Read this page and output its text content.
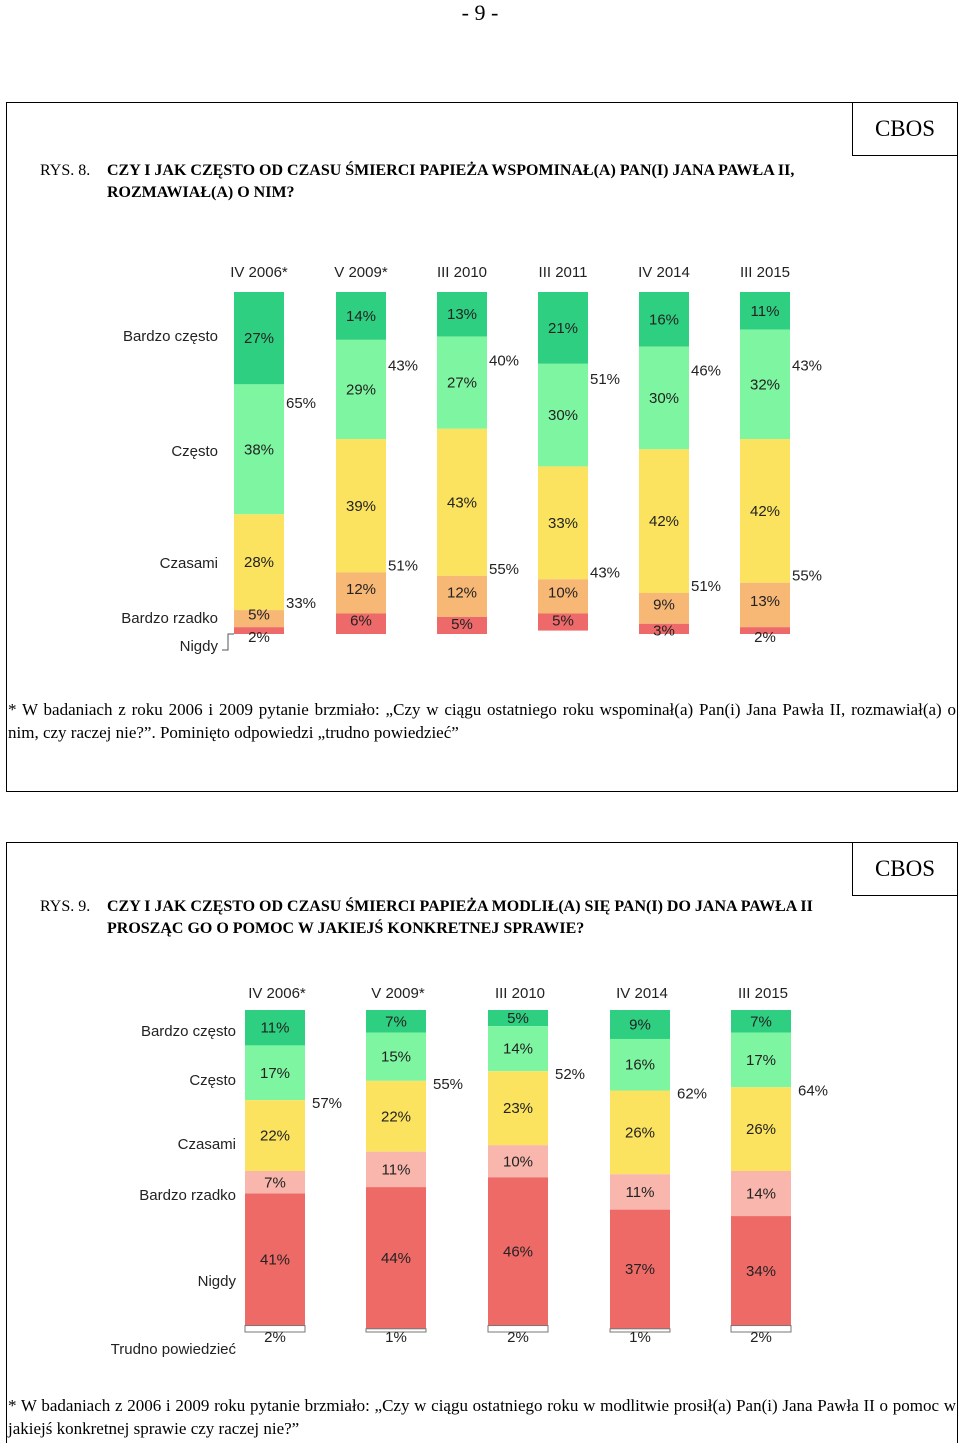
- 9 -
CBOS
RYS. 8. CZY I JAK CZĘSTO OD CZASU ŚMIERCI PAPIEŻA WSPOMINAŁ(A) PAN(I) JANA PAWŁA II, ROZMAWIAŁ(A) O NIM?
IV 2006*	V 2009*	III 2010	III 2011	IV 2014	III 2015
Bardzo często
Często
Czasami
Bardzo rzadko
Nigdy
27%
38%
28%
5%
2%
65%
33%
14%
29%
39%
12%
6%
43%
51%
13%
27%
43%
12%
5%
40%
55%
21%
30%
33%
10%
5%
51%
43%
16%
30%
42%
9%
3%
46%
51%
11%
32%
42%
13%
2%
43%
55%
* W badaniach z roku 2006 i 2009 pytanie brzmiało: „Czy w ciągu ostatniego roku wspominał(a) Pan(i) Jana Pawła II, rozmawiał(a) o nim, czy raczej nie?”. Pominięto odpowiedzi „trudno powiedzieć”
CBOS
RYS. 9. CZY I JAK CZĘSTO OD CZASU ŚMIERCI PAPIEŻA MODLIŁ(A) SIĘ PAN(I) DO JANA PAWŁA II PROSZĄC GO O POMOC W JAKIEJŚ KONKRETNEJ SPRAWIE?
IV 2006*	V 2009*	III 2010	IV 2014	III 2015
Bardzo często
Często
Czasami
Bardzo rzadko
Nigdy
Trudno powiedzieć
11%
17%
22%
7%
41%
2%
57%
7%
15%
22%
11%
44%
1%
55%
5%
14%
23%
10%
46%
2%
52%
9%
16%
26%
11%
37%
1%
62%
7%
17%
26%
14%
34%
2%
64%
* W badaniach z 2006 i 2009 roku pytanie brzmiało: „Czy w ciągu ostatniego roku w modlitwie prosił(a) Pan(i) Jana Pawła II o pomoc w jakiejś konkretnej sprawie czy raczej nie?”
